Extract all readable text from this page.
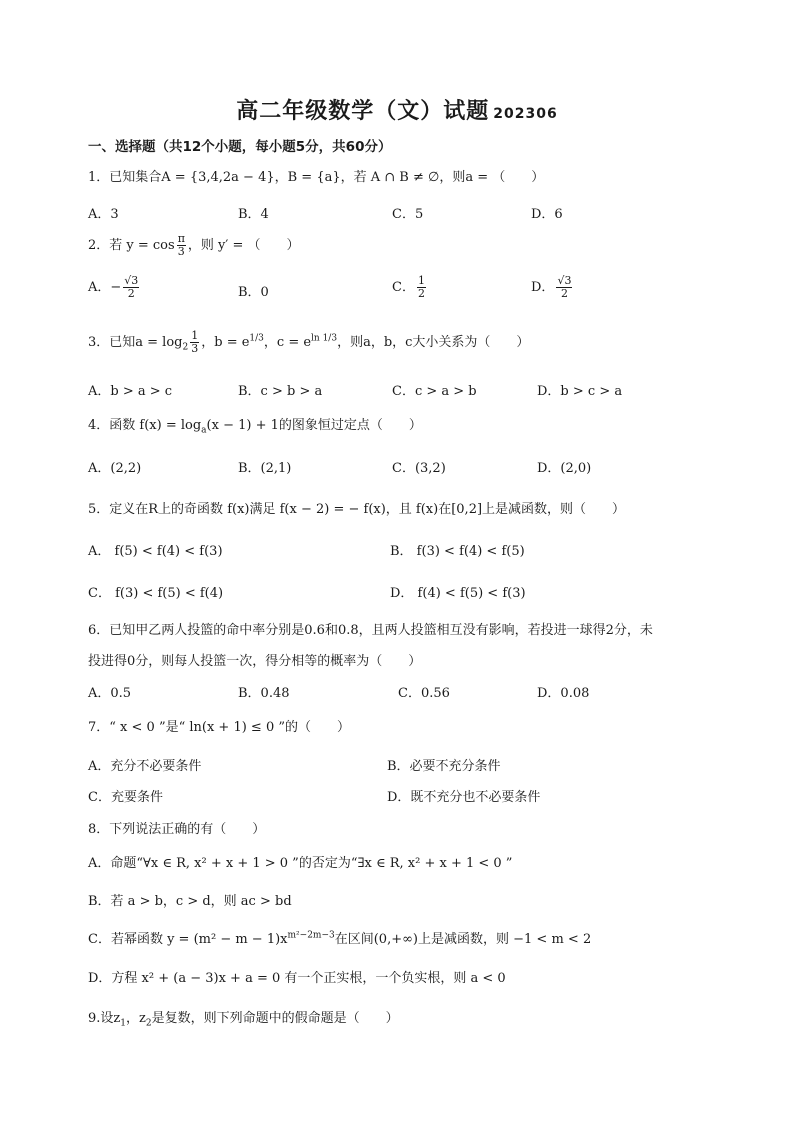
高二年级数学（文）试题 202306
一、选择题（共12个小题，每小题5分，共60分）
1．已知集合A = {3,4,2a − 4}，B = {a}，若 A ∩ B ≠ ∅，则a = （　　）
A．3	B．4	C．5	D．6
2．若 $y = \cos \frac{\pi}{3}$ ，则 y′ = （　　）
A．− $\frac{√3}{2}$	B．0	C． $\frac{1}{2}$	D． $\frac{√3}{2}$
3．已知$a = \log_2 \frac{1}{3}$ ，$b = e^{1/3}$，$c = e^{ln 1/3}$，则a，b，c大小关系为（　　）
A．b > a > c	B．c > b > a	C．c > a > b	D．b > c > a
4．函数 $f(x) = \log_a(x - 1) + 1$的图象恒过定点（　　）
A．(2,2)	B．(2,1)	C．(3,2)	D．(2,0)
5．定义在R上的奇函数 f(x)满足 f(x − 2) = − f(x)，且 f(x)在[0,2]上是减函数，则（　　）
A． f(5) < f(4) < f(3)	B． f(3) < f(4) < f(5)
C． f(3) < f(5) < f(4)	D． f(4) < f(5) < f(3)
6．已知甲乙两人投篮的命中率分别是0.6和0.8，且两人投篮相互没有影响，若投进一球得2分，未
投进得0分，则每人投篮一次，得分相等的概率为（　　）
A．0.5	B．0.48	C．0.56	D．0.08
7．“ x < 0 ”是“ ln(x + 1) ≤ 0 ”的（　　）
A．充分不必要条件	B．必要不充分条件
C．充要条件	D．既不充分也不必要条件
8．下列说法正确的有（　　）
A．命题“∀x ∈ R, x² + x + 1 > 0 ”的否定为“∃x ∈ R, x² + x + 1 < 0 ”
B．若 a > b，c > d，则 ac > bd
C．若幂函数 $y = (m^2 - m - 1)x^{m^2-2m-3}$在区间(0,+∞)上是减函数，则 −1 < m < 2
D．方程 x² + (a − 3)x + a = 0 有一个正实根，一个负实根，则 a < 0
9.设$z_1$，$z_2$是复数，则下列命题中的假命题是（　　）
